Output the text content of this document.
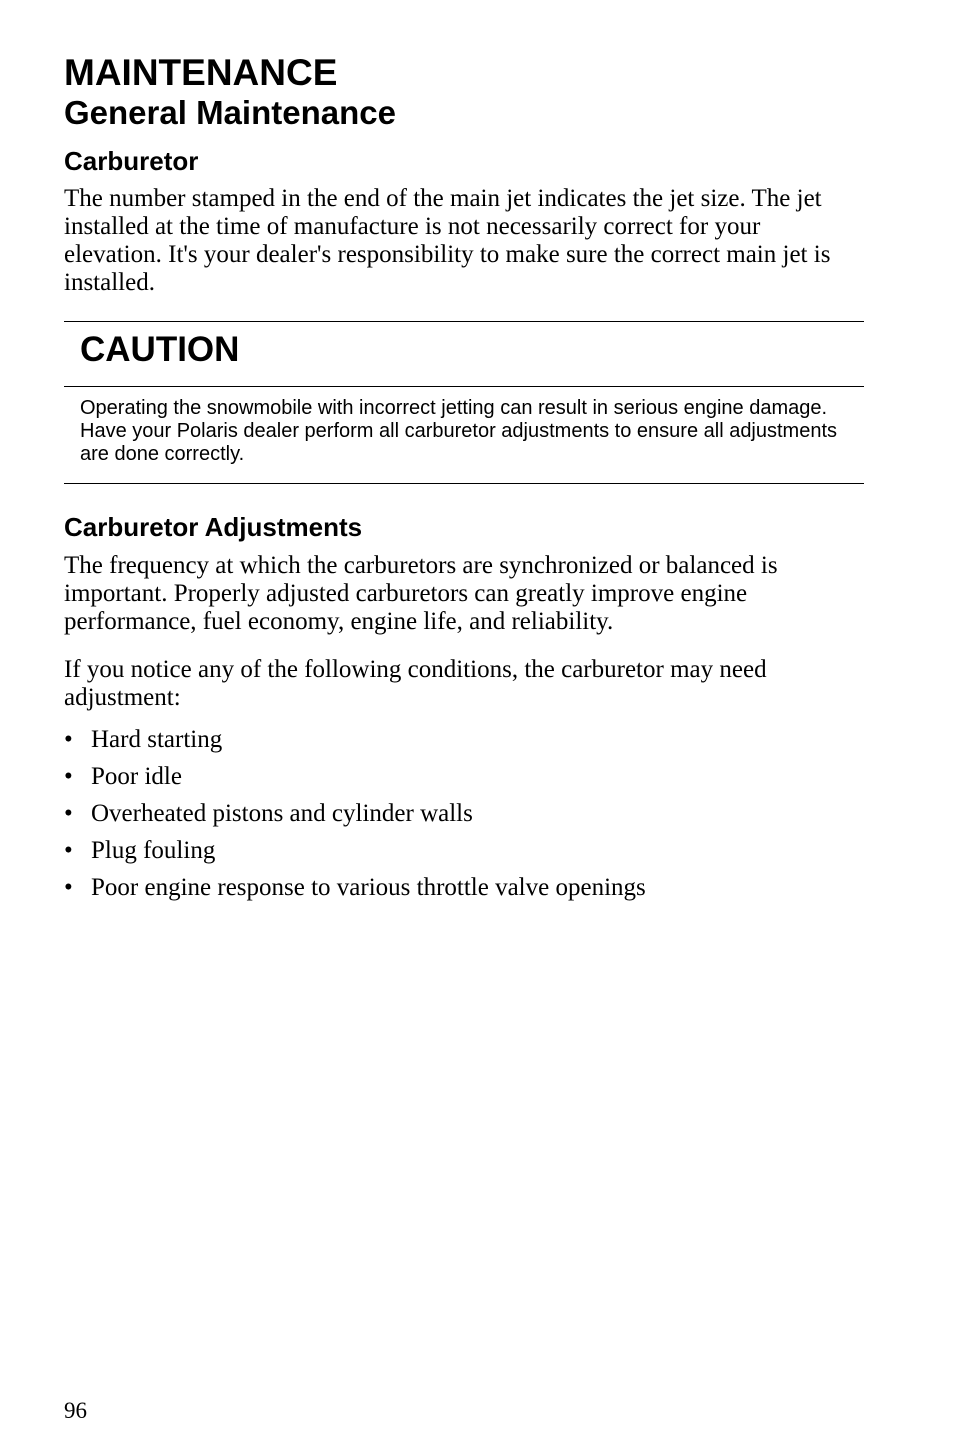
MAINTENANCE
General Maintenance
Carburetor

The number stamped in the end of the main jet indicates the jet size. The jet installed at the time of manufacture is not necessarily correct for your elevation. It's your dealer's responsibility to make sure the correct main jet is installed.

CAUTION

Operating the snowmobile with incorrect jetting can result in serious engine damage. Have your Polaris dealer perform all carburetor adjustments to ensure all adjustments are done correctly.

Carburetor Adjustments

The frequency at which the carburetors are synchronized or balanced is important. Properly adjusted carburetors can greatly improve engine performance, fuel economy, engine life, and reliability.

If you notice any of the following conditions, the carburetor may need adjustment:

• Hard starting
• Poor idle
• Overheated pistons and cylinder walls
• Plug fouling
• Poor engine response to various throttle valve openings
96
